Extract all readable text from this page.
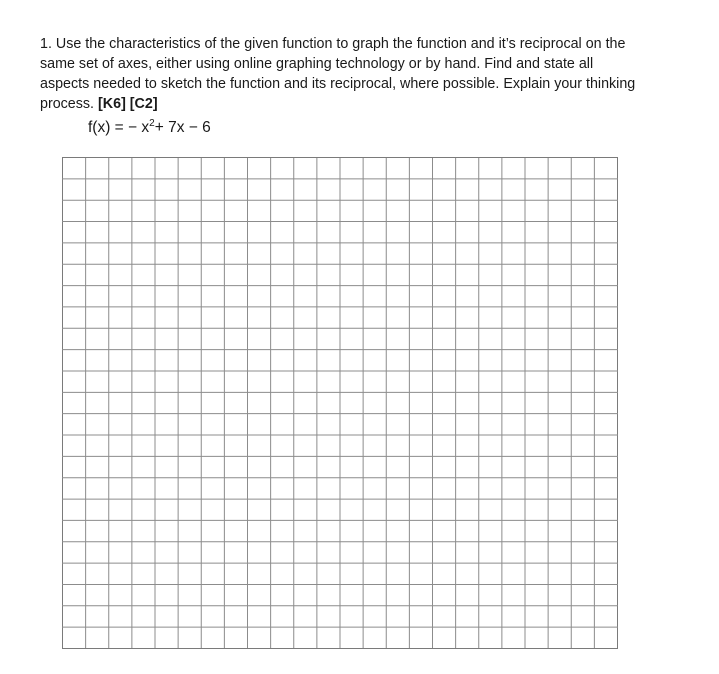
1. Use the characteristics of the given function to graph the function and it’s reciprocal on the same set of axes, either using online graphing technology or by hand. Find and state all aspects needed to sketch the function and its reciprocal, where possible. Explain your thinking process. [K6] [C2]
f(x) = − $x^2+ 7x - 6$
